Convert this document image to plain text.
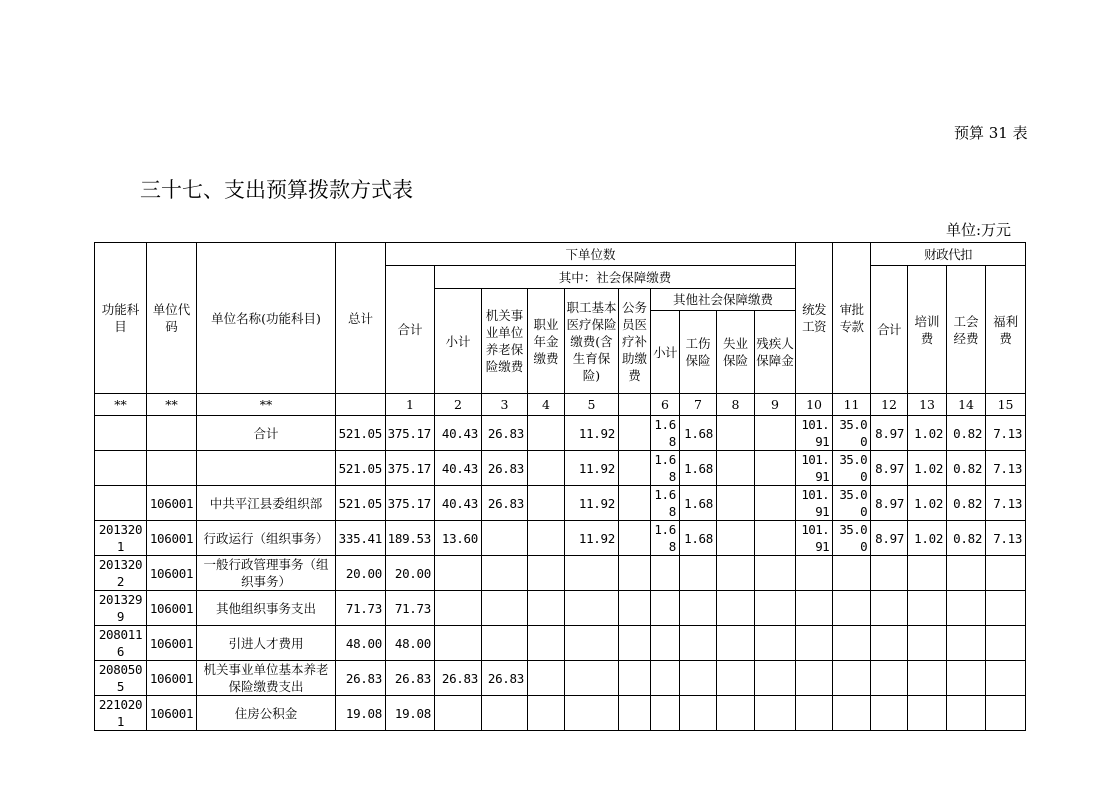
预算 31 表
三十七、支出预算拨款方式表
单位:万元
功能科目	单位代码	单位名称(功能科目)	总计	下单位数										统发工资	审批专款	财政代扣			
				合计	其中：社会保障缴费											合计	培训费	工会经费	福利费
					小计	机关事业单位养老保险缴费	职业年金缴费	职工基本医疗保险缴费(含生育保险)	公务员医疗补助缴费	其他社会保障缴费									
										小计	工伤保险	失业保险	残疾人保障金						
**	**	**		1	2	3	4	5		6	7	8	9	10	11	12	13	14	15
		合计	521.05	375.17	40.43	26.83		11.92		1.68	1.68			101.91	35.00	8.97	1.02	0.82	7.13
			521.05	375.17	40.43	26.83		11.92		1.68	1.68			101.91	35.00	8.97	1.02	0.82	7.13
	106001	中共平江县委组织部	521.05	375.17	40.43	26.83		11.92		1.68	1.68			101.91	35.00	8.97	1.02	0.82	7.13
2013201	106001	行政运行（组织事务）	335.41	189.53	13.60			11.92		1.68	1.68			101.91	35.00	8.97	1.02	0.82	7.13
2013202	106001	一般行政管理事务（组织事务）	20.00	20.00															
2013299	106001	其他组织事务支出	71.73	71.73															
2080116	106001	引进人才费用	48.00	48.00															
2080505	106001	机关事业单位基本养老保险缴费支出	26.83	26.83	26.83	26.83													
2210201	106001	住房公积金	19.08	19.08															
